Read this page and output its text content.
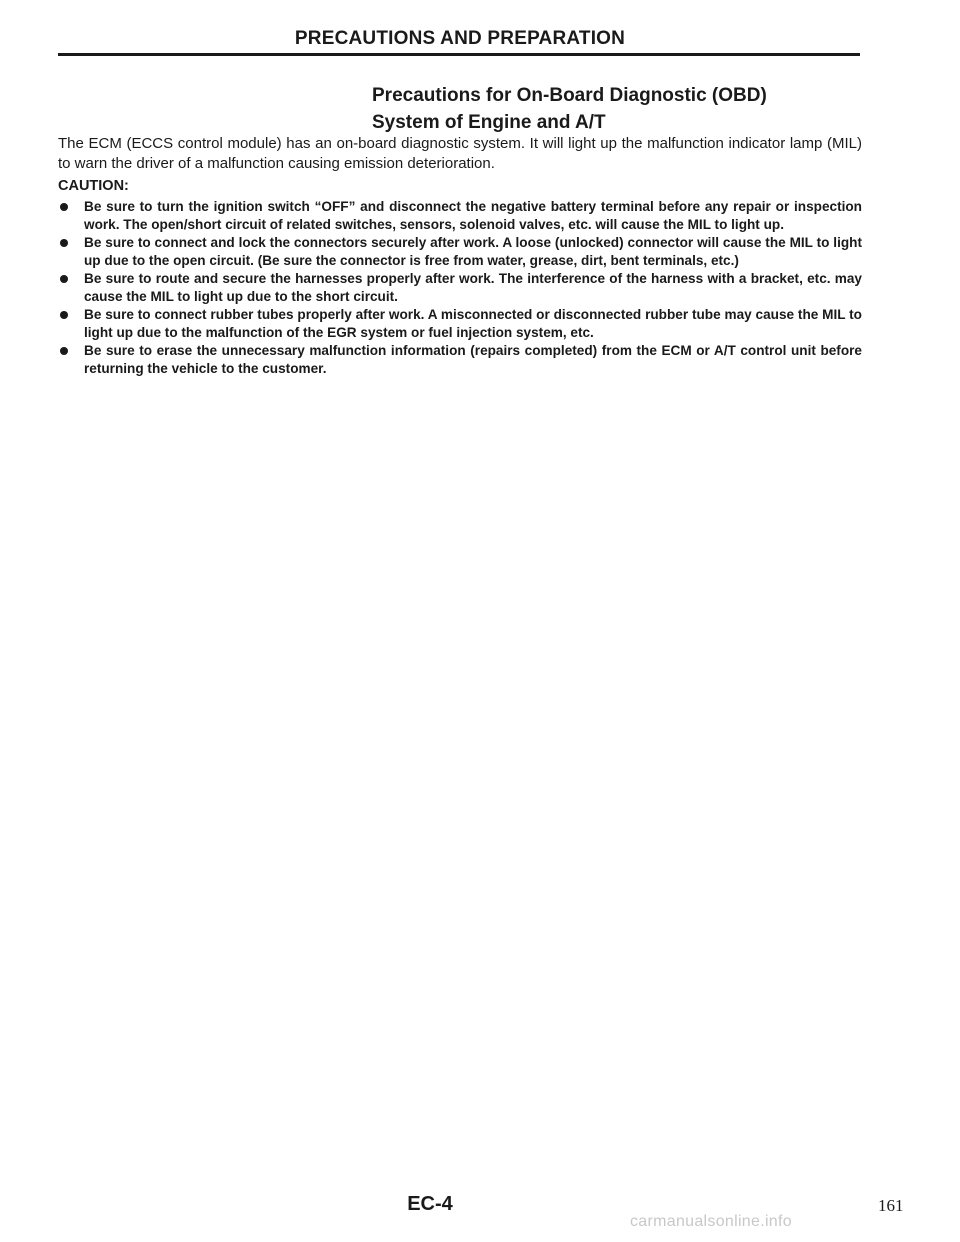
PRECAUTIONS AND PREPARATION
Precautions for On-Board Diagnostic (OBD)
System of Engine and A/T
The ECM (ECCS control module) has an on-board diagnostic system. It will light up the malfunction indicator lamp (MIL) to warn the driver of a malfunction causing emission deterioration.
CAUTION:
Be sure to turn the ignition switch “OFF” and disconnect the negative battery terminal before any repair or inspection work. The open/short circuit of related switches, sensors, solenoid valves, etc. will cause the MIL to light up.
Be sure to connect and lock the connectors securely after work. A loose (unlocked) connector will cause the MIL to light up due to the open circuit. (Be sure the connector is free from water, grease, dirt, bent terminals, etc.)
Be sure to route and secure the harnesses properly after work. The interference of the harness with a bracket, etc. may cause the MIL to light up due to the short circuit.
Be sure to connect rubber tubes properly after work. A misconnected or disconnected rubber tube may cause the MIL to light up due to the malfunction of the EGR system or fuel injection system, etc.
Be sure to erase the unnecessary malfunction information (repairs completed) from the ECM or A/T control unit before returning the vehicle to the customer.
EC-4	161
carmanualsonline.info
